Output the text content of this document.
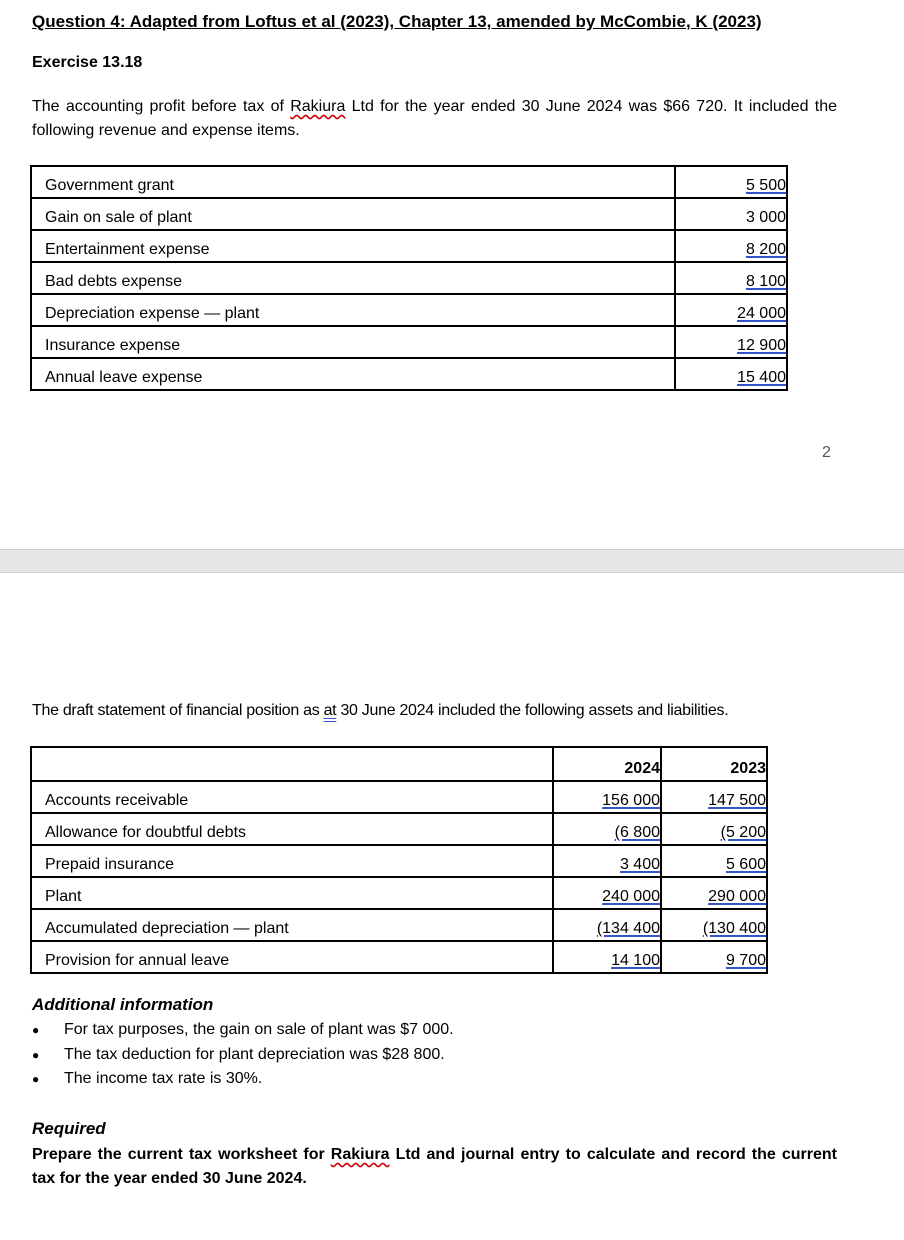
Question 4: Adapted from Loftus et al (2023), Chapter 13, amended by McCombie, K (2023)
Exercise 13.18
The accounting profit before tax of Rakiura Ltd for the year ended 30 June 2024 was $66 720. It included the following revenue and expense items.
Government grant	5 500
Gain on sale of plant	3 000
Entertainment expense	8 200
Bad debts expense	8 100
Depreciation expense — plant	24 000
Insurance expense	12 900
Annual leave expense	15 400
2
The draft statement of financial position as at 30 June 2024 included the following assets and liabilities.
	2024	2023
Accounts receivable	156 000	147 500
Allowance for doubtful debts	(6 800	(5 200
Prepaid insurance	3 400	5 600
Plant	240 000	290 000
Accumulated depreciation — plant	(134 400	(130 400
Provision for annual leave	14 100	9 700
Additional information
● For tax purposes, the gain on sale of plant was $7 000.
● The tax deduction for plant depreciation was $28 800.
● The income tax rate is 30%.
Required
Prepare the current tax worksheet for Rakiura Ltd and journal entry to calculate and record the current tax for the year ended 30 June 2024.
